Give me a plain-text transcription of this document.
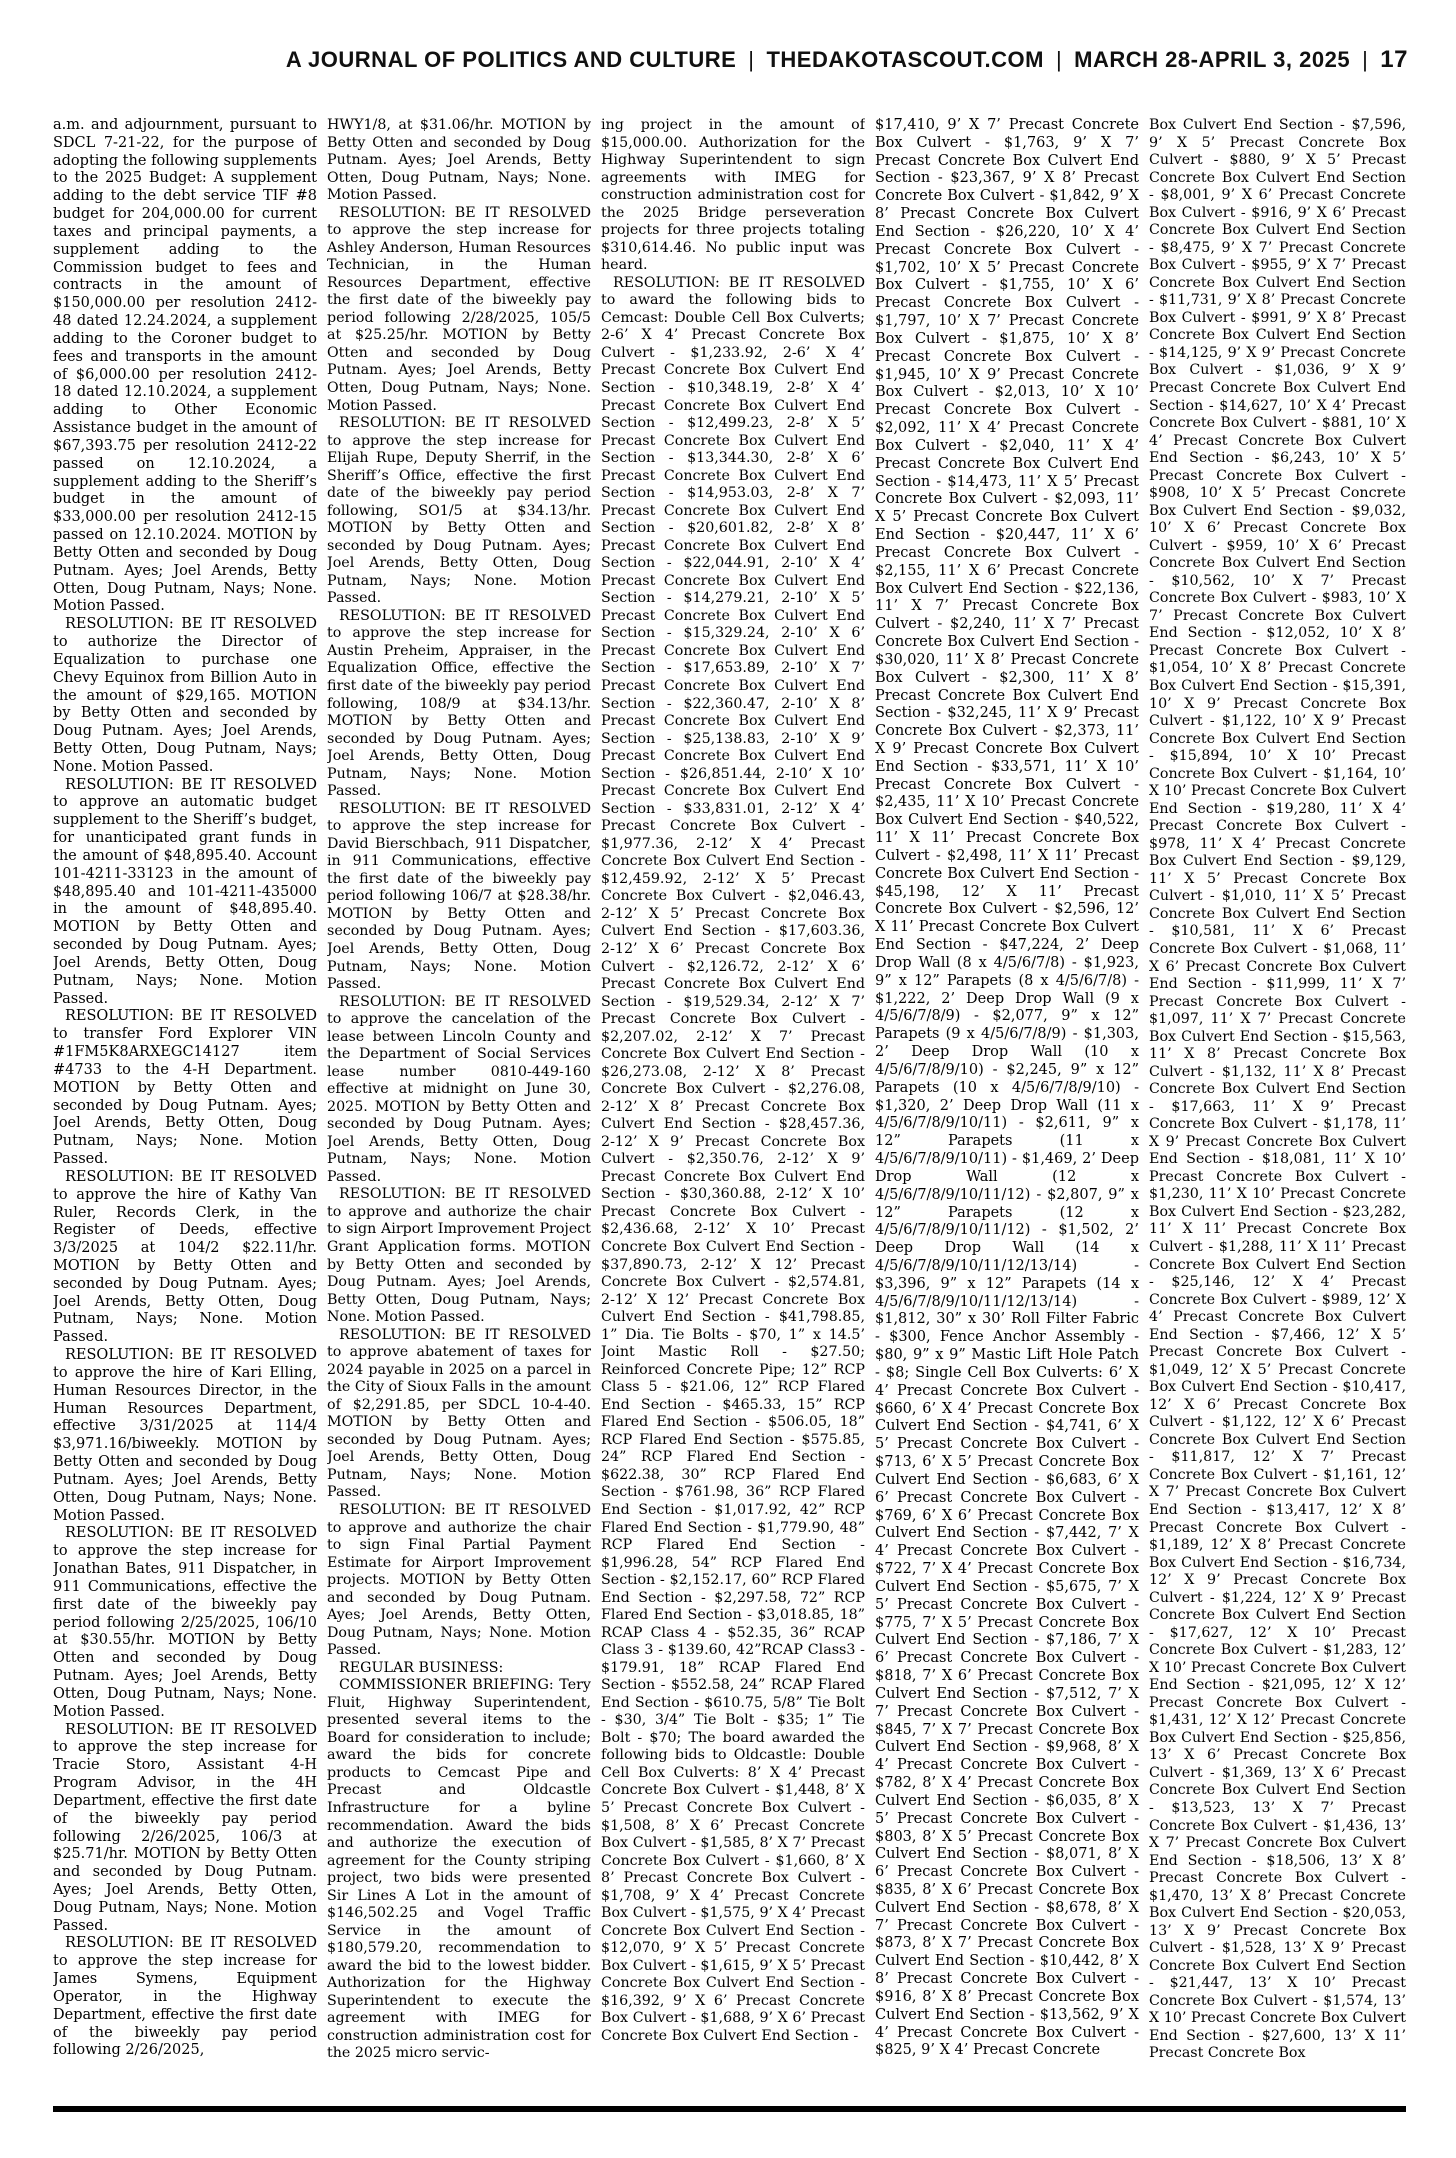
A JOURNAL OF POLITICS AND CULTURE | THEDAKOTASCOUT.COM | MARCH 28-APRIL 3, 2025 | 17

a.m. and adjournment, pursuant to SDCL 7-21-22, for the purpose of adopting the following supplements to the 2025 Budget: A supplement adding to the debt service TIF #8 budget for 204,000.00 for current taxes and principal payments, a supplement adding to the Commission budget to fees and contracts in the amount of $150,000.00 per resolution 2412-48 dated 12.24.2024, a supplement adding to the Coroner budget to fees and transports in the amount of $6,000.00 per resolution 2412-18 dated 12.10.2024, a supplement adding to Other Economic Assistance budget in the amount of $67,393.75 per resolution 2412-22 passed on 12.10.2024, a supplement adding to the Sheriff’s budget in the amount of $33,000.00 per resolution 2412-15 passed on 12.10.2024. MOTION by Betty Otten and seconded by Doug Putnam. Ayes; Joel Arends, Betty Otten, Doug Putnam, Nays; None. Motion Passed.

RESOLUTION: BE IT RESOLVED to authorize the Director of Equalization to purchase one Chevy Equinox from Billion Auto in the amount of $29,165. MOTION by Betty Otten and seconded by Doug Putnam. Ayes; Joel Arends, Betty Otten, Doug Putnam, Nays; None. Motion Passed.

RESOLUTION: BE IT RESOLVED to approve an automatic budget supplement to the Sheriff’s budget, for unanticipated grant funds in the amount of $48,895.40. Account 101-4211-33123 in the amount of $48,895.40 and 101-4211-435000 in the amount of $48,895.40. MOTION by Betty Otten and seconded by Doug Putnam. Ayes; Joel Arends, Betty Otten, Doug Putnam, Nays; None. Motion Passed.

RESOLUTION: BE IT RESOLVED to transfer Ford Explorer VIN #1FM5K8ARXEGC14127 item #4733 to the 4-H Department. MOTION by Betty Otten and seconded by Doug Putnam. Ayes; Joel Arends, Betty Otten, Doug Putnam, Nays; None. Motion Passed.

RESOLUTION: BE IT RESOLVED to approve the hire of Kathy Van Ruler, Records Clerk, in the Register of Deeds, effective 3/3/2025 at 104/2 $22.11/hr. MOTION by Betty Otten and seconded by Doug Putnam. Ayes; Joel Arends, Betty Otten, Doug Putnam, Nays; None. Motion Passed.

RESOLUTION: BE IT RESOLVED to approve the hire of Kari Elling, Human Resources Director, in the Human Resources Department, effective 3/31/2025 at 114/4 $3,971.16/biweekly. MOTION by Betty Otten and seconded by Doug Putnam. Ayes; Joel Arends, Betty Otten, Doug Putnam, Nays; None. Motion Passed.

RESOLUTION: BE IT RESOLVED to approve the step increase for Jonathan Bates, 911 Dispatcher, in 911 Communications, effective the first date of the biweekly pay period following 2/25/2025, 106/10 at $30.55/hr. MOTION by Betty Otten and seconded by Doug Putnam. Ayes; Joel Arends, Betty Otten, Doug Putnam, Nays; None. Motion Passed.

RESOLUTION: BE IT RESOLVED to approve the step increase for Tracie Storo, Assistant 4-H Program Advisor, in the 4H Department, effective the first date of the biweekly pay period following 2/26/2025, 106/3 at $25.71/hr. MOTION by Betty Otten and seconded by Doug Putnam. Ayes; Joel Arends, Betty Otten, Doug Putnam, Nays; None. Motion Passed.

RESOLUTION: BE IT RESOLVED to approve the step increase for James Symens, Equipment Operator, in the Highway Department, effective the first date of the biweekly pay period following 2/26/2025,

HWY1/8, at $31.06/hr. MOTION by Betty Otten and seconded by Doug Putnam. Ayes; Joel Arends, Betty Otten, Doug Putnam, Nays; None. Motion Passed.

RESOLUTION: BE IT RESOLVED to approve the step increase for Ashley Anderson, Human Resources Technician, in the Human Resources Department, effective the first date of the biweekly pay period following 2/28/2025, 105/5 at $25.25/hr. MOTION by Betty Otten and seconded by Doug Putnam. Ayes; Joel Arends, Betty Otten, Doug Putnam, Nays; None. Motion Passed.

RESOLUTION: BE IT RESOLVED to approve the step increase for Elijah Rupe, Deputy Sherrif, in the Sheriff’s Office, effective the first date of the biweekly pay period following, SO1/5 at $34.13/hr. MOTION by Betty Otten and seconded by Doug Putnam. Ayes; Joel Arends, Betty Otten, Doug Putnam, Nays; None. Motion Passed.

RESOLUTION: BE IT RESOLVED to approve the step increase for Austin Preheim, Appraiser, in the Equalization Office, effective the first date of the biweekly pay period following, 108/9 at $34.13/hr. MOTION by Betty Otten and seconded by Doug Putnam. Ayes; Joel Arends, Betty Otten, Doug Putnam, Nays; None. Motion Passed.

RESOLUTION: BE IT RESOLVED to approve the step increase for David Bierschbach, 911 Dispatcher, in 911 Communications, effective the first date of the biweekly pay period following 106/7 at $28.38/hr. MOTION by Betty Otten and seconded by Doug Putnam. Ayes; Joel Arends, Betty Otten, Doug Putnam, Nays; None. Motion Passed.

RESOLUTION: BE IT RESOLVED to approve the cancelation of the lease between Lincoln County and the Department of Social Services lease number 0810-449-160 effective at midnight on June 30, 2025. MOTION by Betty Otten and seconded by Doug Putnam. Ayes; Joel Arends, Betty Otten, Doug Putnam, Nays; None. Motion Passed.

RESOLUTION: BE IT RESOLVED to approve and authorize the chair to sign Airport Improvement Project Grant Application forms. MOTION by Betty Otten and seconded by Doug Putnam. Ayes; Joel Arends, Betty Otten, Doug Putnam, Nays; None. Motion Passed.

RESOLUTION: BE IT RESOLVED to approve abatement of taxes for 2024 payable in 2025 on a parcel in the City of Sioux Falls in the amount of $2,291.85, per SDCL 10-4-40. MOTION by Betty Otten and seconded by Doug Putnam. Ayes; Joel Arends, Betty Otten, Doug Putnam, Nays; None. Motion Passed.

RESOLUTION: BE IT RESOLVED to approve and authorize the chair to sign Final Partial Payment Estimate for Airport Improvement projects. MOTION by Betty Otten and seconded by Doug Putnam. Ayes; Joel Arends, Betty Otten, Doug Putnam, Nays; None. Motion Passed.

REGULAR BUSINESS:

COMMISSIONER BRIEFING: Tery Fluit, Highway Superintendent, presented several items to the Board for consideration to include; award the bids for concrete products to Cemcast Pipe and Precast and Oldcastle Infrastructure for a byline recommendation. Award the bids and authorize the execution of agreement for the County striping project, two bids were presented Sir Lines A Lot in the amount of $146,502.25 and Vogel Traffic Service in the amount of $180,579.20, recommendation to award the bid to the lowest bidder. Authorization for the Highway Superintendent to execute the agreement with IMEG for construction administration cost for the 2025 micro servic-

ing project in the amount of $15,000.00. Authorization for the Highway Superintendent to sign agreements with IMEG for construction administration cost for the 2025 Bridge perseveration projects for three projects totaling $310,614.46. No public input was heard.

RESOLUTION: BE IT RESOLVED to award the following bids to Cemcast: Double Cell Box Culverts; 2-6’ X 4’ Precast Concrete Box Culvert - $1,233.92, 2-6’ X 4’ Precast Concrete Box Culvert End Section - $10,348.19, 2-8’ X 4’ Precast Concrete Box Culvert End Section - $12,499.23, 2-8’ X 5’ Precast Concrete Box Culvert End Section - $13,344.30, 2-8’ X 6’ Precast Concrete Box Culvert End Section - $14,953.03, 2-8’ X 7’ Precast Concrete Box Culvert End Section - $20,601.82, 2-8’ X 8’ Precast Concrete Box Culvert End Section - $22,044.91, 2-10’ X 4’ Precast Concrete Box Culvert End Section - $14,279.21, 2-10’ X 5’ Precast Concrete Box Culvert End Section - $15,329.24, 2-10’ X 6’ Precast Concrete Box Culvert End Section - $17,653.89, 2-10’ X 7’ Precast Concrete Box Culvert End Section - $22,360.47, 2-10’ X 8’ Precast Concrete Box Culvert End Section - $25,138.83, 2-10’ X 9’ Precast Concrete Box Culvert End Section - $26,851.44, 2-10’ X 10’ Precast Concrete Box Culvert End Section - $33,831.01, 2-12’ X 4’ Precast Concrete Box Culvert - $1,977.36, 2-12’ X 4’ Precast Concrete Box Culvert End Section - $12,459.92, 2-12’ X 5’ Precast Concrete Box Culvert - $2,046.43, 2-12’ X 5’ Precast Concrete Box Culvert End Section - $17,603.36, 2-12’ X 6’ Precast Concrete Box Culvert - $2,126.72, 2-12’ X 6’ Precast Concrete Box Culvert End Section - $19,529.34, 2-12’ X 7’ Precast Concrete Box Culvert - $2,207.02, 2-12’ X 7’ Precast Concrete Box Culvert End Section - $26,273.08, 2-12’ X 8’ Precast Concrete Box Culvert - $2,276.08, 2-12’ X 8’ Precast Concrete Box Culvert End Section - $28,457.36, 2-12’ X 9’ Precast Concrete Box Culvert - $2,350.76, 2-12’ X 9’ Precast Concrete Box Culvert End Section - $30,360.88, 2-12’ X 10’ Precast Concrete Box Culvert - $2,436.68, 2-12’ X 10’ Precast Concrete Box Culvert End Section - $37,890.73, 2-12’ X 12’ Precast Concrete Box Culvert - $2,574.81, 2-12’ X 12’ Precast Concrete Box Culvert End Section - $41,798.85, 1” Dia. Tie Bolts - $70, 1” x 14.5’ Joint Mastic Roll - $27.50; Reinforced Concrete Pipe; 12” RCP Class 5 - $21.06, 12” RCP Flared End Section - $465.33, 15” RCP Flared End Section - $506.05, 18” RCP Flared End Section - $575.85, 24” RCP Flared End Section - $622.38, 30” RCP Flared End Section - $761.98, 36” RCP Flared End Section - $1,017.92, 42” RCP Flared End Section - $1,779.90, 48” RCP Flared End Section - $1,996.28, 54” RCP Flared End Section - $2,152.17, 60” RCP Flared End Section - $2,297.58, 72” RCP Flared End Section - $3,018.85, 18” RCAP Class 4 - $52.35, 36” RCAP Class 3 - $139.60, 42”RCAP Class3 - $179.91, 18” RCAP Flared End Section - $552.58, 24” RCAP Flared End Section - $610.75, 5/8” Tie Bolt - $30, 3/4” Tie Bolt - $35; 1” Tie Bolt - $70; The board awarded the following bids to Oldcastle: Double Cell Box Culverts: 8’ X 4’ Precast Concrete Box Culvert - $1,448, 8’ X 5’ Precast Concrete Box Culvert - $1,508, 8’ X 6’ Precast Concrete Box Culvert - $1,585, 8’ X 7’ Precast Concrete Box Culvert - $1,660, 8’ X 8’ Precast Concrete Box Culvert - $1,708, 9’ X 4’ Precast Concrete Box Culvert - $1,575, 9’ X 4’ Precast Concrete Box Culvert End Section - $12,070, 9’ X 5’ Precast Concrete Box Culvert - $1,615, 9’ X 5’ Precast Concrete Box Culvert End Section - $16,392, 9’ X 6’ Precast Concrete Box Culvert - $1,688, 9’ X 6’ Precast Concrete Box Culvert End Section -

$17,410, 9’ X 7’ Precast Concrete Box Culvert - $1,763, 9’ X 7’ Precast Concrete Box Culvert End Section - $23,367, 9’ X 8’ Precast Concrete Box Culvert - $1,842, 9’ X 8’ Precast Concrete Box Culvert End Section - $26,220, 10’ X 4’ Precast Concrete Box Culvert - $1,702, 10’ X 5’ Precast Concrete Box Culvert - $1,755, 10’ X 6’ Precast Concrete Box Culvert - $1,797, 10’ X 7’ Precast Concrete Box Culvert - $1,875, 10’ X 8’ Precast Concrete Box Culvert - $1,945, 10’ X 9’ Precast Concrete Box Culvert - $2,013, 10’ X 10’ Precast Concrete Box Culvert - $2,092, 11’ X 4’ Precast Concrete Box Culvert - $2,040, 11’ X 4’ Precast Concrete Box Culvert End Section - $14,473, 11’ X 5’ Precast Concrete Box Culvert - $2,093, 11’ X 5’ Precast Concrete Box Culvert End Section - $20,447, 11’ X 6’ Precast Concrete Box Culvert - $2,155, 11’ X 6’ Precast Concrete Box Culvert End Section - $22,136, 11’ X 7’ Precast Concrete Box Culvert - $2,240, 11’ X 7’ Precast Concrete Box Culvert End Section - $30,020, 11’ X 8’ Precast Concrete Box Culvert - $2,300, 11’ X 8’ Precast Concrete Box Culvert End Section - $32,245, 11’ X 9’ Precast Concrete Box Culvert - $2,373, 11’ X 9’ Precast Concrete Box Culvert End Section - $33,571, 11’ X 10’ Precast Concrete Box Culvert - $2,435, 11’ X 10’ Precast Concrete Box Culvert End Section - $40,522, 11’ X 11’ Precast Concrete Box Culvert - $2,498, 11’ X 11’ Precast Concrete Box Culvert End Section - $45,198, 12’ X 11’ Precast Concrete Box Culvert - $2,596, 12’ X 11’ Precast Concrete Box Culvert End Section - $47,224, 2’ Deep Drop Wall (8 x 4/5/6/7/8) - $1,923, 9” x 12” Parapets (8 x 4/5/6/7/8) - $1,222, 2’ Deep Drop Wall (9 x 4/5/6/7/8/9) - $2,077, 9” x 12” Parapets (9 x 4/5/6/7/8/9) - $1,303, 2’ Deep Drop Wall (10 x 4/5/6/7/8/9/10) - $2,245, 9” x 12” Parapets (10 x 4/5/6/7/8/9/10) - $1,320, 2’ Deep Drop Wall (11 x 4/5/6/7/8/9/10/11) - $2,611, 9” x 12” Parapets (11 x 4/5/6/7/8/9/10/11) - $1,469, 2’ Deep Drop Wall (12 x 4/5/6/7/8/9/10/11/12) - $2,807, 9” x 12” Parapets (12 x 4/5/6/7/8/9/10/11/12) - $1,502, 2’ Deep Drop Wall (14 x 4/5/6/7/8/9/10/11/12/13/14) - $3,396, 9” x 12” Parapets (14 x 4/5/6/7/8/9/10/11/12/13/14) - $1,812, 30” x 30’ Roll Filter Fabric - $300, Fence Anchor Assembly - $80, 9” x 9” Mastic Lift Hole Patch - $8; Single Cell Box Culverts: 6’ X 4’ Precast Concrete Box Culvert - $660, 6’ X 4’ Precast Concrete Box Culvert End Section - $4,741, 6’ X 5’ Precast Concrete Box Culvert - $713, 6’ X 5’ Precast Concrete Box Culvert End Section - $6,683, 6’ X 6’ Precast Concrete Box Culvert - $769, 6’ X 6’ Precast Concrete Box Culvert End Section - $7,442, 7’ X 4’ Precast Concrete Box Culvert - $722, 7’ X 4’ Precast Concrete Box Culvert End Section - $5,675, 7’ X 5’ Precast Concrete Box Culvert - $775, 7’ X 5’ Precast Concrete Box Culvert End Section - $7,186, 7’ X 6’ Precast Concrete Box Culvert - $818, 7’ X 6’ Precast Concrete Box Culvert End Section - $7,512, 7’ X 7’ Precast Concrete Box Culvert - $845, 7’ X 7’ Precast Concrete Box Culvert End Section - $9,968, 8’ X 4’ Precast Concrete Box Culvert - $782, 8’ X 4’ Precast Concrete Box Culvert End Section - $6,035, 8’ X 5’ Precast Concrete Box Culvert - $803, 8’ X 5’ Precast Concrete Box Culvert End Section - $8,071, 8’ X 6’ Precast Concrete Box Culvert - $835, 8’ X 6’ Precast Concrete Box Culvert End Section - $8,678, 8’ X 7’ Precast Concrete Box Culvert - $873, 8’ X 7’ Precast Concrete Box Culvert End Section - $10,442, 8’ X 8’ Precast Concrete Box Culvert - $916, 8’ X 8’ Precast Concrete Box Culvert End Section - $13,562, 9’ X 4’ Precast Concrete Box Culvert - $825, 9’ X 4’ Precast Concrete

Box Culvert End Section - $7,596, 9’ X 5’ Precast Concrete Box Culvert - $880, 9’ X 5’ Precast Concrete Box Culvert End Section - $8,001, 9’ X 6’ Precast Concrete Box Culvert - $916, 9’ X 6’ Precast Concrete Box Culvert End Section - $8,475, 9’ X 7’ Precast Concrete Box Culvert - $955, 9’ X 7’ Precast Concrete Box Culvert End Section - $11,731, 9’ X 8’ Precast Concrete Box Culvert - $991, 9’ X 8’ Precast Concrete Box Culvert End Section - $14,125, 9’ X 9’ Precast Concrete Box Culvert - $1,036, 9’ X 9’ Precast Concrete Box Culvert End Section - $14,627, 10’ X 4’ Precast Concrete Box Culvert - $881, 10’ X 4’ Precast Concrete Box Culvert End Section - $6,243, 10’ X 5’ Precast Concrete Box Culvert - $908, 10’ X 5’ Precast Concrete Box Culvert End Section - $9,032, 10’ X 6’ Precast Concrete Box Culvert - $959, 10’ X 6’ Precast Concrete Box Culvert End Section - $10,562, 10’ X 7’ Precast Concrete Box Culvert - $983, 10’ X 7’ Precast Concrete Box Culvert End Section - $12,052, 10’ X 8’ Precast Concrete Box Culvert - $1,054, 10’ X 8’ Precast Concrete Box Culvert End Section - $15,391, 10’ X 9’ Precast Concrete Box Culvert - $1,122, 10’ X 9’ Precast Concrete Box Culvert End Section - $15,894, 10’ X 10’ Precast Concrete Box Culvert - $1,164, 10’ X 10’ Precast Concrete Box Culvert End Section - $19,280, 11’ X 4’ Precast Concrete Box Culvert - $978, 11’ X 4’ Precast Concrete Box Culvert End Section - $9,129, 11’ X 5’ Precast Concrete Box Culvert - $1,010, 11’ X 5’ Precast Concrete Box Culvert End Section - $10,581, 11’ X 6’ Precast Concrete Box Culvert - $1,068, 11’ X 6’ Precast Concrete Box Culvert End Section - $11,999, 11’ X 7’ Precast Concrete Box Culvert - $1,097, 11’ X 7’ Precast Concrete Box Culvert End Section - $15,563, 11’ X 8’ Precast Concrete Box Culvert - $1,132, 11’ X 8’ Precast Concrete Box Culvert End Section - $17,663, 11’ X 9’ Precast Concrete Box Culvert - $1,178, 11’ X 9’ Precast Concrete Box Culvert End Section - $18,081, 11’ X 10’ Precast Concrete Box Culvert - $1,230, 11’ X 10’ Precast Concrete Box Culvert End Section - $23,282, 11’ X 11’ Precast Concrete Box Culvert - $1,288, 11’ X 11’ Precast Concrete Box Culvert End Section - $25,146, 12’ X 4’ Precast Concrete Box Culvert - $989, 12’ X 4’ Precast Concrete Box Culvert End Section - $7,466, 12’ X 5’ Precast Concrete Box Culvert - $1,049, 12’ X 5’ Precast Concrete Box Culvert End Section - $10,417, 12’ X 6’ Precast Concrete Box Culvert - $1,122, 12’ X 6’ Precast Concrete Box Culvert End Section - $11,817, 12’ X 7’ Precast Concrete Box Culvert - $1,161, 12’ X 7’ Precast Concrete Box Culvert End Section - $13,417, 12’ X 8’ Precast Concrete Box Culvert - $1,189, 12’ X 8’ Precast Concrete Box Culvert End Section - $16,734, 12’ X 9’ Precast Concrete Box Culvert - $1,224, 12’ X 9’ Precast Concrete Box Culvert End Section - $17,627, 12’ X 10’ Precast Concrete Box Culvert - $1,283, 12’ X 10’ Precast Concrete Box Culvert End Section - $21,095, 12’ X 12’ Precast Concrete Box Culvert - $1,431, 12’ X 12’ Precast Concrete Box Culvert End Section - $25,856, 13’ X 6’ Precast Concrete Box Culvert - $1,369, 13’ X 6’ Precast Concrete Box Culvert End Section - $13,523, 13’ X 7’ Precast Concrete Box Culvert - $1,436, 13’ X 7’ Precast Concrete Box Culvert End Section - $18,506, 13’ X 8’ Precast Concrete Box Culvert - $1,470, 13’ X 8’ Precast Concrete Box Culvert End Section - $20,053, 13’ X 9’ Precast Concrete Box Culvert - $1,528, 13’ X 9’ Precast Concrete Box Culvert End Section - $21,447, 13’ X 10’ Precast Concrete Box Culvert - $1,574, 13’ X 10’ Precast Concrete Box Culvert End Section - $27,600, 13’ X 11’ Precast Concrete Box
